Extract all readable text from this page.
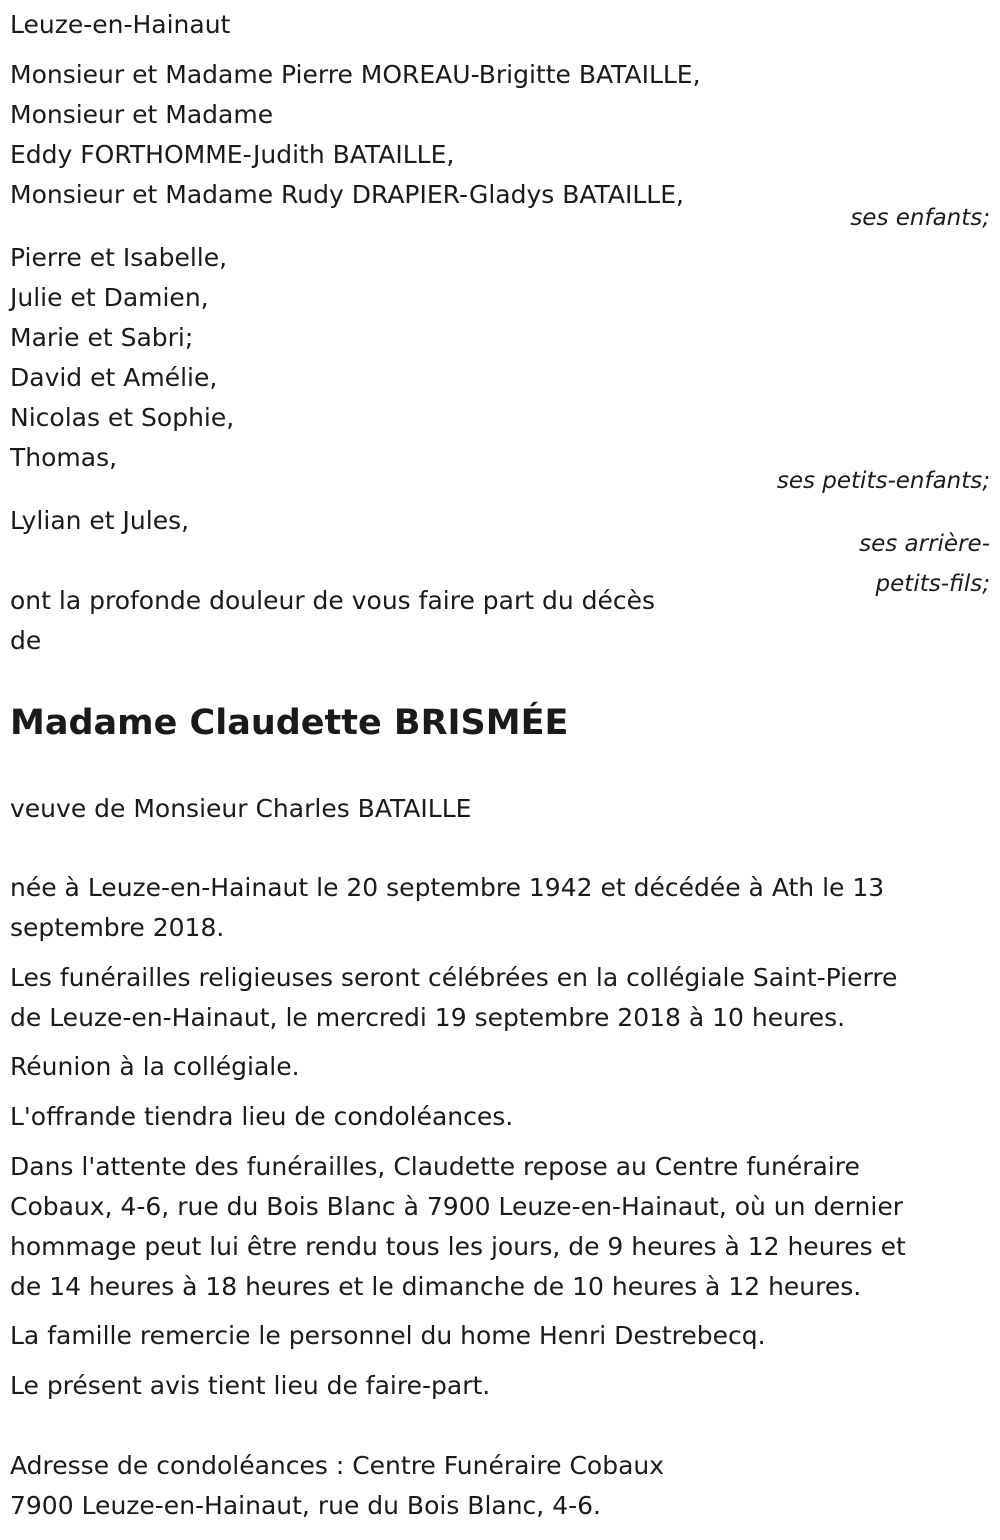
Leuze-en-Hainaut
Monsieur et Madame Pierre MOREAU-Brigitte BATAILLE,
Monsieur et Madame
Eddy FORTHOMME-Judith BATAILLE,
Monsieur et Madame Rudy DRAPIER-Gladys BATAILLE,
ses enfants;
Pierre et Isabelle,
Julie et Damien,
Marie et Sabri;
David et Amélie,
Nicolas et Sophie,
Thomas,
ses petits-enfants;
Lylian et Jules,
ses arrière-
petits-fils;
ont la profonde douleur de vous faire part du décès
de
Madame Claudette BRISMÉE
veuve de Monsieur Charles BATAILLE
née à Leuze-en-Hainaut le 20 septembre 1942 et décédée à Ath le 13
septembre 2018.
Les funérailles religieuses seront célébrées en la collégiale Saint-Pierre
de Leuze-en-Hainaut, le mercredi 19 septembre 2018 à 10 heures.
Réunion à la collégiale.
L'offrande tiendra lieu de condoléances.
Dans l'attente des funérailles, Claudette repose au Centre funéraire
Cobaux, 4-6, rue du Bois Blanc à 7900 Leuze-en-Hainaut, où un dernier
hommage peut lui être rendu tous les jours, de 9 heures à 12 heures et
de 14 heures à 18 heures et le dimanche de 10 heures à 12 heures.
La famille remercie le personnel du home Henri Destrebecq.
Le présent avis tient lieu de faire-part.
Adresse de condoléances : Centre Funéraire Cobaux
7900 Leuze-en-Hainaut, rue du Bois Blanc, 4-6.
